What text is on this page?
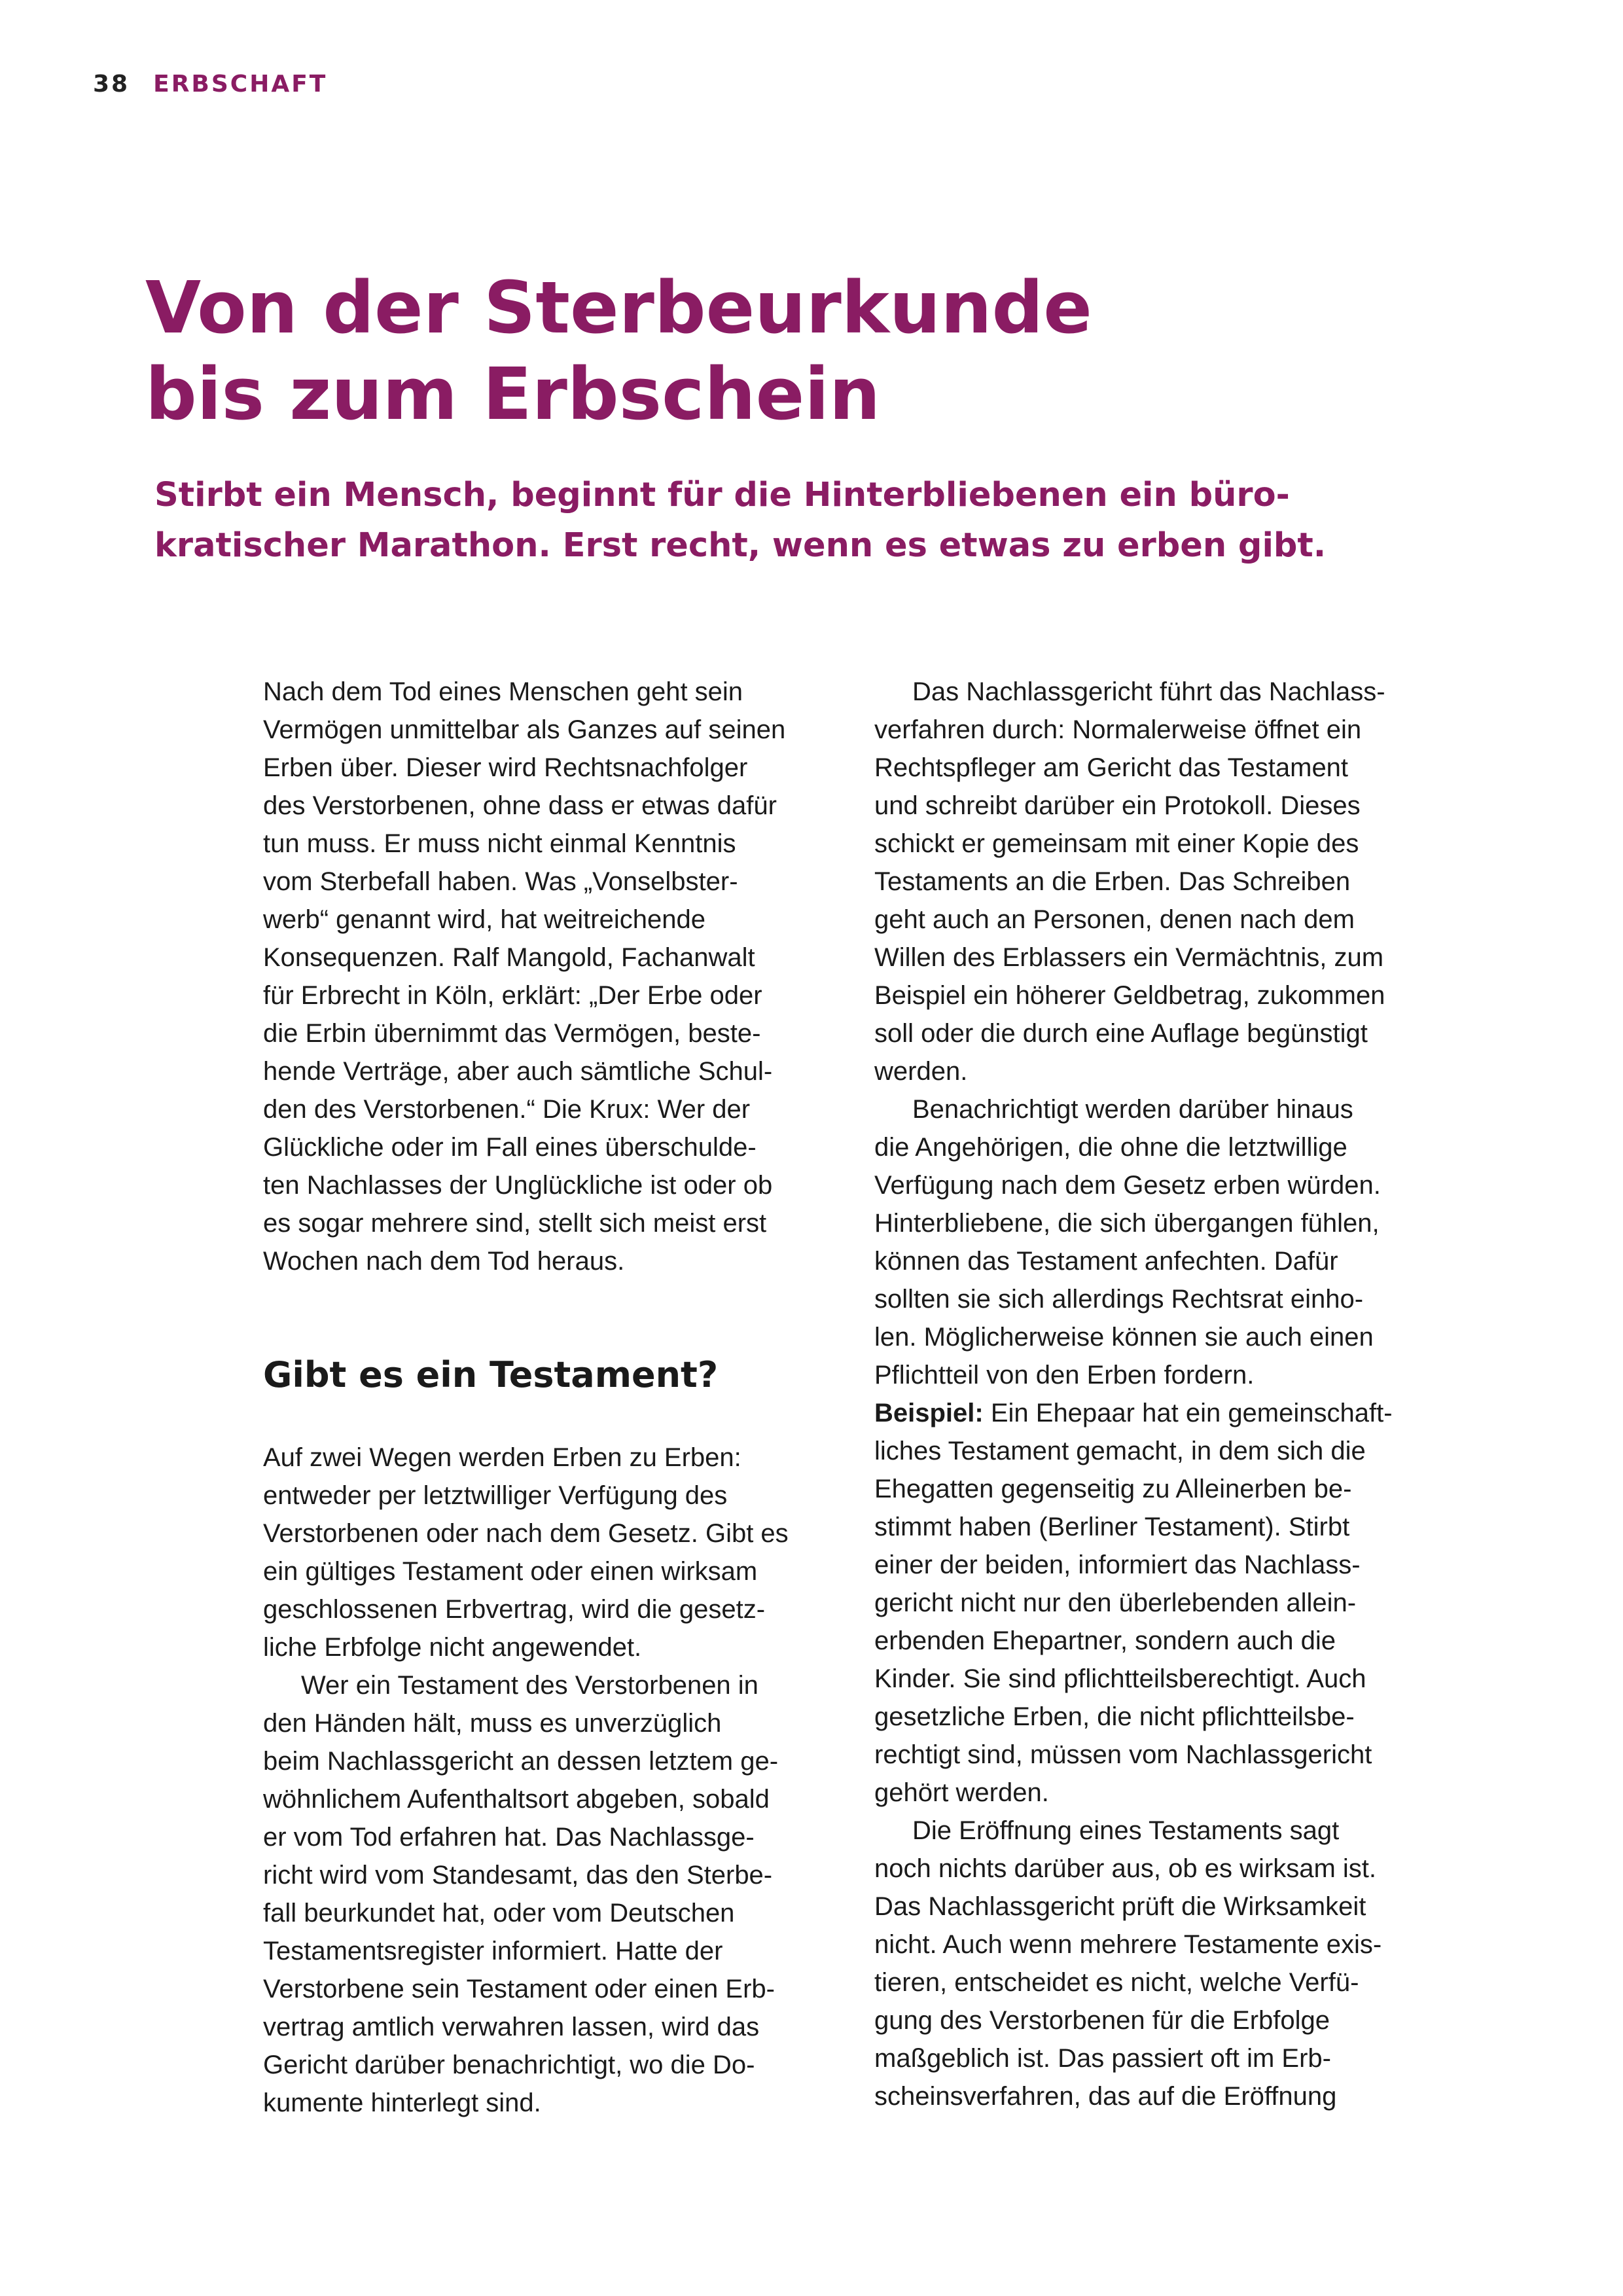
38 ERBSCHAFT
Von der Sterbeurkunde
bis zum Erbschein

Stirbt ein Mensch, beginnt für die Hinterbliebenen ein büro-
kratischer Marathon. Erst recht, wenn es etwas zu erben gibt.

Nach dem Tod eines Menschen geht sein
Vermögen unmittelbar als Ganzes auf seinen
Erben über. Dieser wird Rechtsnachfolger
des Verstorbenen, ohne dass er etwas dafür
tun muss. Er muss nicht einmal Kenntnis
vom Sterbefall haben. Was „Vonselbster-
werb“ genannt wird, hat weitreichende
Konsequenzen. Ralf Mangold, Fachanwalt
für Erbrecht in Köln, erklärt: „Der Erbe oder
die Erbin übernimmt das Vermögen, beste-
hende Verträge, aber auch sämtliche Schul-
den des Verstorbenen.“ Die Krux: Wer der
Glückliche oder im Fall eines überschulde-
ten Nachlasses der Unglückliche ist oder ob
es sogar mehrere sind, stellt sich meist erst
Wochen nach dem Tod heraus.
Gibt es ein Testament?
Auf zwei Wegen werden Erben zu Erben:
entweder per letztwilliger Verfügung des
Verstorbenen oder nach dem Gesetz. Gibt es
ein gültiges Testament oder einen wirksam
geschlossenen Erbvertrag, wird die gesetz-
liche Erbfolge nicht angewendet.
Wer ein Testament des Verstorbenen in
den Händen hält, muss es unverzüglich
beim Nachlassgericht an dessen letztem ge-
wöhnlichem Aufenthaltsort abgeben, sobald
er vom Tod erfahren hat. Das Nachlassge-
richt wird vom Standesamt, das den Sterbe-
fall beurkundet hat, oder vom Deutschen
Testamentsregister informiert. Hatte der
Verstorbene sein Testament oder einen Erb-
vertrag amtlich verwahren lassen, wird das
Gericht darüber benachrichtigt, wo die Do-
kumente hinterlegt sind.
Das Nachlassgericht führt das Nachlass-
verfahren durch: Normalerweise öffnet ein
Rechtspfleger am Gericht das Testament
und schreibt darüber ein Protokoll. Dieses
schickt er gemeinsam mit einer Kopie des
Testaments an die Erben. Das Schreiben
geht auch an Personen, denen nach dem
Willen des Erblassers ein Vermächtnis, zum
Beispiel ein höherer Geldbetrag, zukommen
soll oder die durch eine Auflage begünstigt
werden.
Benachrichtigt werden darüber hinaus
die Angehörigen, die ohne die letztwillige
Verfügung nach dem Gesetz erben würden.
Hinterbliebene, die sich übergangen fühlen,
können das Testament anfechten. Dafür
sollten sie sich allerdings Rechtsrat einho-
len. Möglicherweise können sie auch einen
Pflichtteil von den Erben fordern.
Beispiel: Ein Ehepaar hat ein gemeinschaft-
liches Testament gemacht, in dem sich die
Ehegatten gegenseitig zu Alleinerben be-
stimmt haben (Berliner Testament). Stirbt
einer der beiden, informiert das Nachlass-
gericht nicht nur den überlebenden allein-
erbenden Ehepartner, sondern auch die
Kinder. Sie sind pflichtteilsberechtigt. Auch
gesetzliche Erben, die nicht pflichtteilsbe-
rechtigt sind, müssen vom Nachlassgericht
gehört werden.
Die Eröffnung eines Testaments sagt
noch nichts darüber aus, ob es wirksam ist.
Das Nachlassgericht prüft die Wirksamkeit
nicht. Auch wenn mehrere Testamente exis-
tieren, entscheidet es nicht, welche Verfü-
gung des Verstorbenen für die Erbfolge
maßgeblich ist. Das passiert oft im Erb-
scheinsverfahren, das auf die Eröffnung
